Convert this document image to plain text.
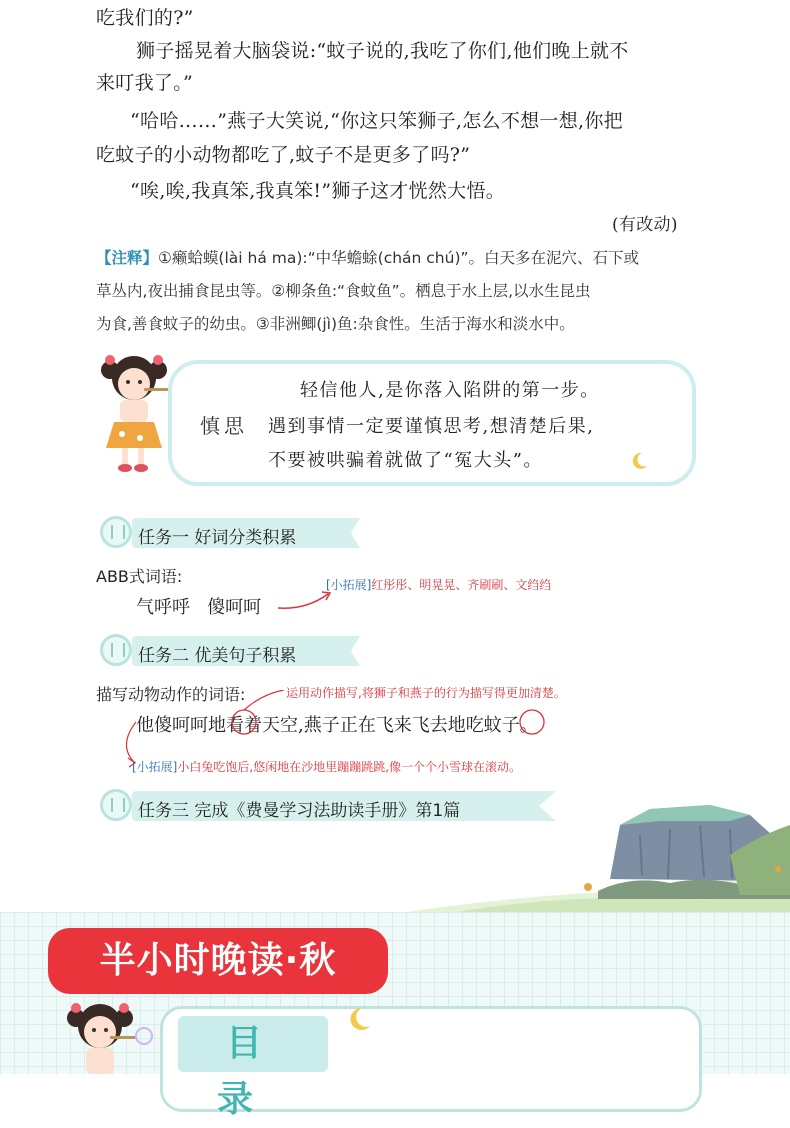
吃我们的?”

狮子摇晃着大脑袋说:“蚊子说的,我吃了你们,他们晚上就不

来叮我了。”

“哈哈……”燕子大笑说,“你这只笨狮子,怎么不想一想,你把

吃蚊子的小动物都吃了,蚊子不是更多了吗?”

“唉,唉,我真笨,我真笨!”狮子这才恍然大悟。

(有改动)

【注释】①癞蛤蟆(lài há ma):“中华蟾蜍(chán chú)”。白天多在泥穴、石下或
草丛内,夜出捕食昆虫等。②柳条鱼:“食蚊鱼”。栖息于水上层,以水生昆虫
为食,善食蚊子的幼虫。③非洲鲫(jì)鱼:杂食性。生活于海水和淡水中。
慎思
轻信他人,是你落入陷阱的第一步。
遇到事情一定要谨慎思考,想清楚后果,
不要被哄骗着就做了“冤大头”。
任务一 好词分类积累
ABB式词语:
气呼呼   傻呵呵
[小拓展]红彤彤、明晃晃、齐刷刷、文绉绉
任务二 优美句子积累
描写动物动作的词语:	运用动作描写,将狮子和燕子的行为描写得更加清楚。
他傻呵呵地看着天空,燕子正在飞来飞去地吃蚊子。
[小拓展]小白兔吃饱后,悠闲地在沙地里蹦蹦跳跳,像一个个小雪球在滚动。
任务三 完成《费曼学习法助读手册》第1篇
半小时晚读·秋
目录
